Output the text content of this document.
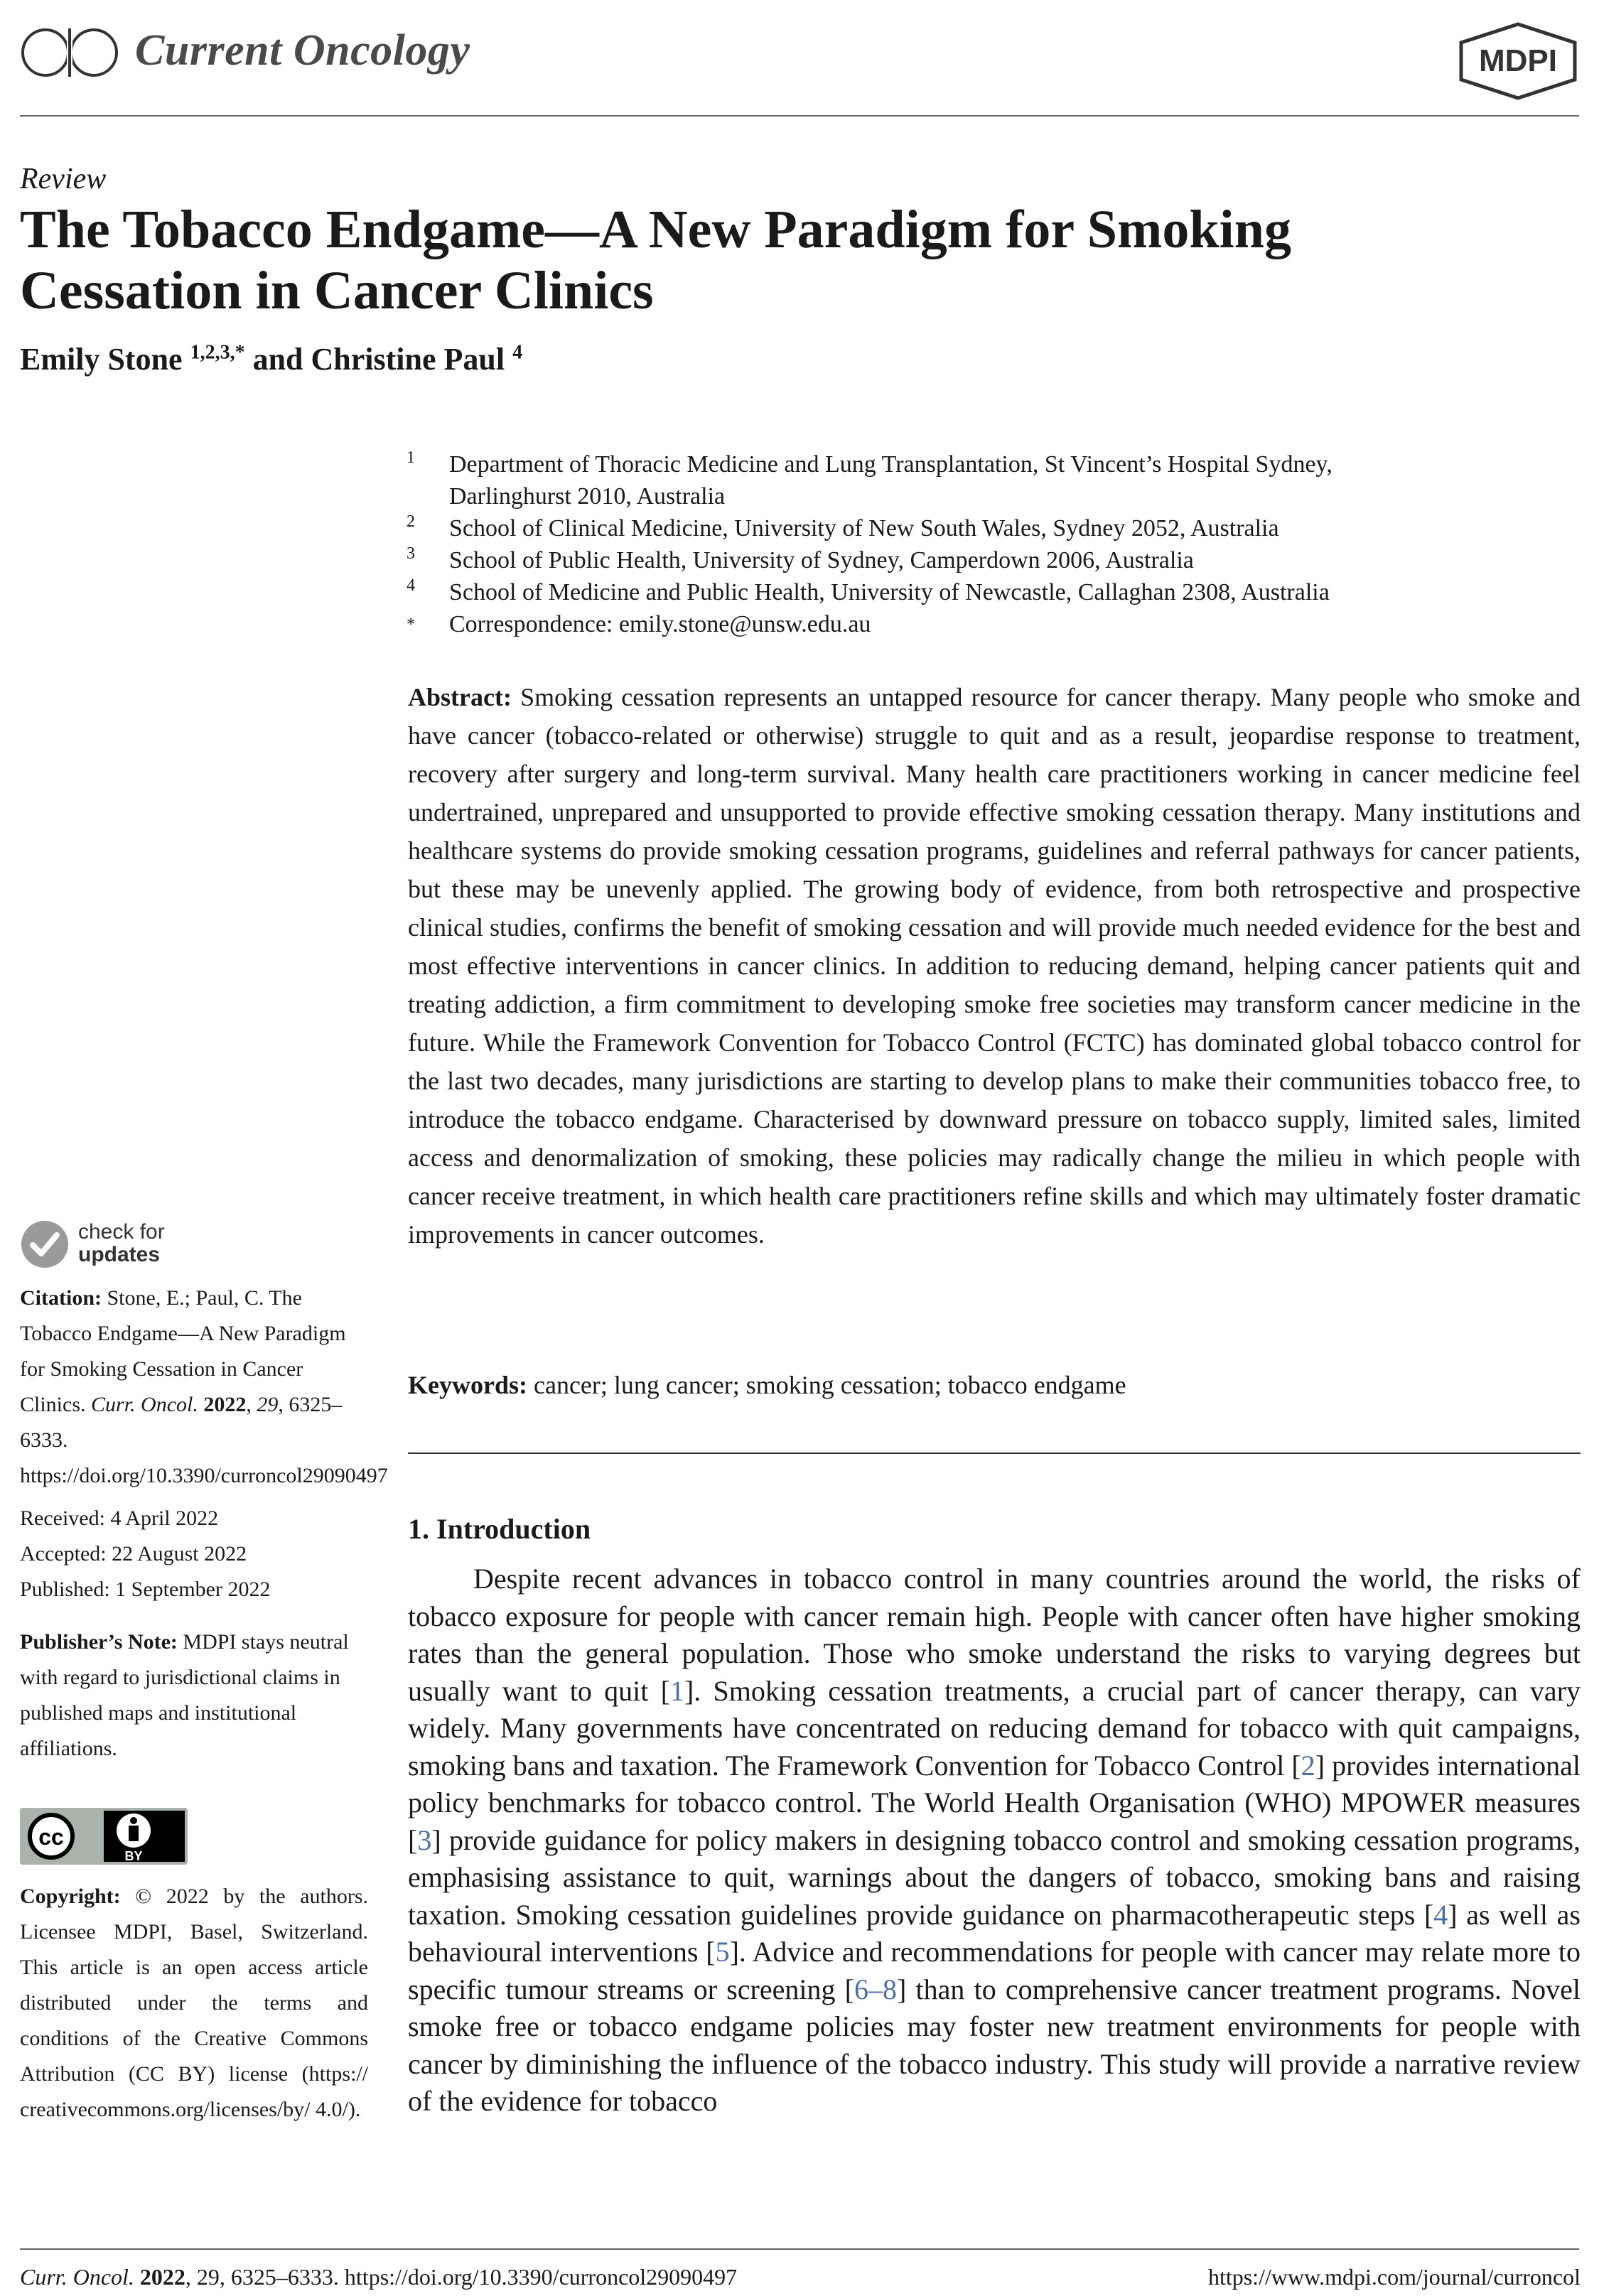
Current Oncology	MDPI
Review
The Tobacco Endgame—A New Paradigm for Smoking Cessation in Cancer Clinics
Emily Stone $^{1,2,3,*}$ and Christine Paul $^4$
1 Department of Thoracic Medicine and Lung Transplantation, St Vincent’s Hospital Sydney,
Darlinghurst 2010, Australia
2 School of Clinical Medicine, University of New South Wales, Sydney 2052, Australia
3 School of Public Health, University of Sydney, Camperdown 2006, Australia
4 School of Medicine and Public Health, University of Newcastle, Callaghan 2308, Australia
* Correspondence: emily.stone@unsw.edu.au
Abstract: Smoking cessation represents an untapped resource for cancer therapy. Many people who smoke and have cancer (tobacco-related or otherwise) struggle to quit and as a result, jeopardise response to treatment, recovery after surgery and long-term survival. Many health care practitioners working in cancer medicine feel undertrained, unprepared and unsupported to provide effective smoking cessation therapy. Many institutions and healthcare systems do provide smoking cessation programs, guidelines and referral pathways for cancer patients, but these may be unevenly applied. The growing body of evidence, from both retrospective and prospective clinical studies, confirms the benefit of smoking cessation and will provide much needed evidence for the best and most effective interventions in cancer clinics. In addition to reducing demand, helping cancer patients quit and treating addiction, a firm commitment to developing smoke free societies may transform cancer medicine in the future. While the Framework Convention for Tobacco Control (FCTC) has dominated global tobacco control for the last two decades, many jurisdictions are starting to develop plans to make their communities tobacco free, to introduce the tobacco endgame. Characterised by downward pressure on tobacco supply, limited sales, limited access and denormalization of smoking, these policies may radically change the milieu in which people with cancer receive treatment, in which health care practitioners refine skills and which may ultimately foster dramatic improvements in cancer outcomes.
Keywords: cancer; lung cancer; smoking cessation; tobacco endgame
1. Introduction
Despite recent advances in tobacco control in many countries around the world, the risks of tobacco exposure for people with cancer remain high. People with cancer often have higher smoking rates than the general population. Those who smoke understand the risks to varying degrees but usually want to quit [1]. Smoking cessation treatments, a crucial part of cancer therapy, can vary widely. Many governments have concentrated on reducing demand for tobacco with quit campaigns, smoking bans and taxation. The Framework Convention for Tobacco Control [2] provides international policy benchmarks for tobacco control. The World Health Organisation (WHO) MPOWER measures [3] provide guidance for policy makers in designing tobacco control and smoking cessation programs, emphasising assistance to quit, warnings about the dangers of tobacco, smoking bans and raising taxation. Smoking cessation guidelines provide guidance on pharmacotherapeutic steps [4] as well as behavioural interventions [5]. Advice and recommendations for people with cancer may relate more to specific tumour streams or screening [6–8] than to comprehensive cancer treatment programs. Novel smoke free or tobacco endgame policies may foster new treatment environments for people with cancer by diminishing the influence of the tobacco industry. This study will provide a narrative review of the evidence for tobacco
check for
updates
Citation: Stone, E.; Paul, C. The Tobacco Endgame—A New Paradigm for Smoking Cessation in Cancer Clinics. Curr. Oncol. 2022, 29, 6325–6333. https://doi.org/10.3390/curroncol29090497
Received: 4 April 2022
Accepted: 22 August 2022
Published: 1 September 2022
Publisher’s Note: MDPI stays neutral with regard to jurisdictional claims in published maps and institutional affiliations.
cc
BY
Copyright: © 2022 by the authors. Licensee MDPI, Basel, Switzerland. This article is an open access article distributed under the terms and conditions of the Creative Commons Attribution (CC BY) license (https:// creativecommons.org/licenses/by/ 4.0/).
Curr. Oncol. 2022, 29, 6325–6333. https://doi.org/10.3390/curroncol29090497	https://www.mdpi.com/journal/curroncol
